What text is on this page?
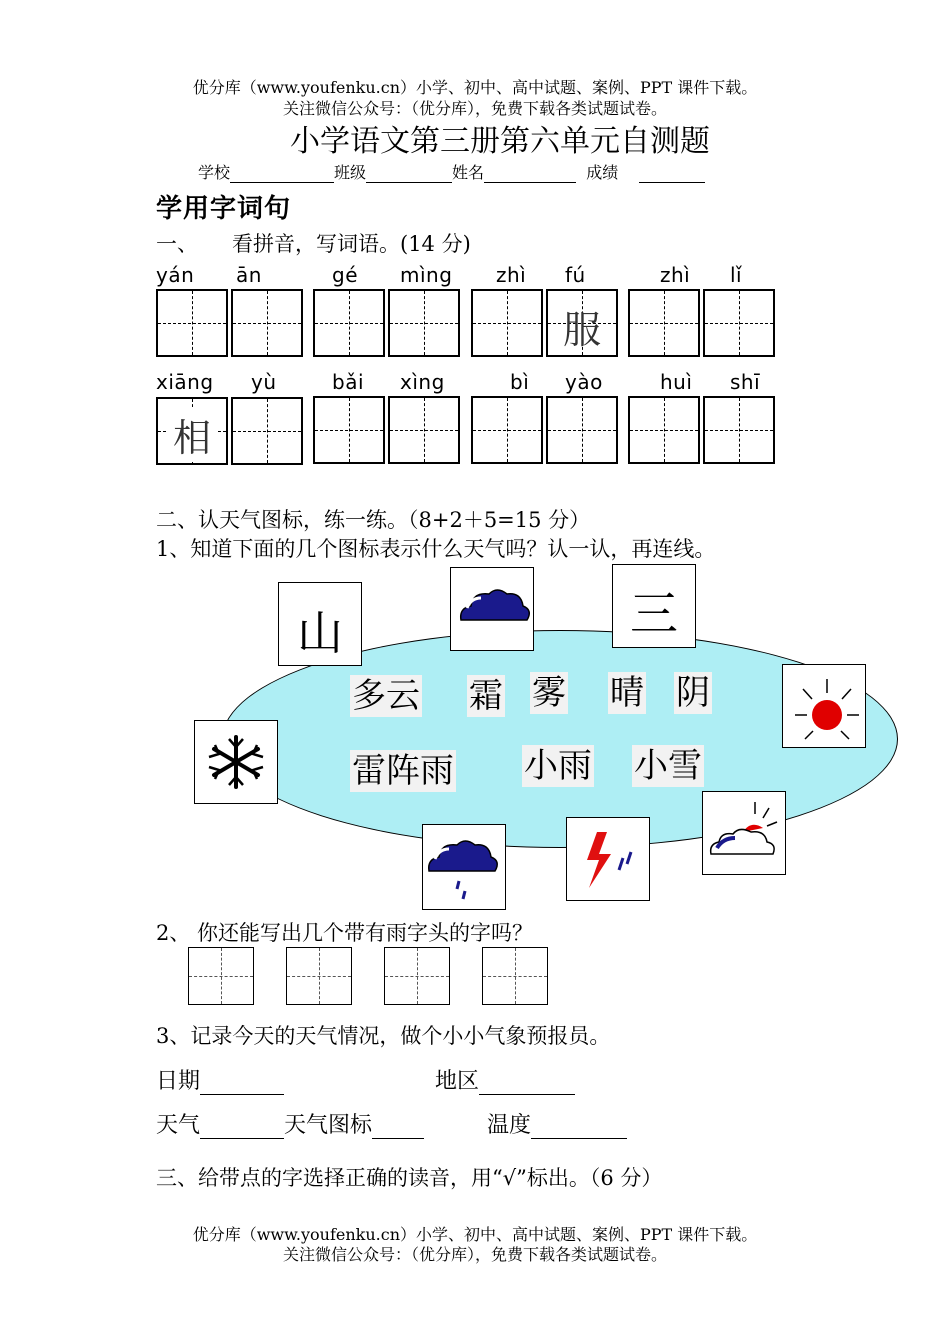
优分库（www.youfenku.cn）小学、初中、高中试题、案例、PPT 课件下载。
关注微信公众号：（优分库），免费下载各类试题试卷。
小学语文第三册第六单元自测题
学校	班级	姓名	成绩
学用字词句
一、 看拼音，写词语。(14 分)
yán ān	gé mìng zhì fú	zhì lǐ
服
xiāng yù	bǎi xìng	bì yào	huì shī
相
二、认天气图标，练一练。（8+2＋5=15 分）
1、知道下面的几个图标表示什么天气吗？认一认，再连线。
多云 霜 雾 晴 阴
雷阵雨 小雨 小雪
山	三
2、 你还能写出几个带有雨字头的字吗？
3、记录今天的天气情况，做个小小气象预报员。
日期	地区
天气	天气图标	温度
三、给带点的字选择正确的读音，用“√”标出。（6 分）
优分库（www.youfenku.cn）小学、初中、高中试题、案例、PPT 课件下载。
关注微信公众号：（优分库），免费下载各类试题试卷。
